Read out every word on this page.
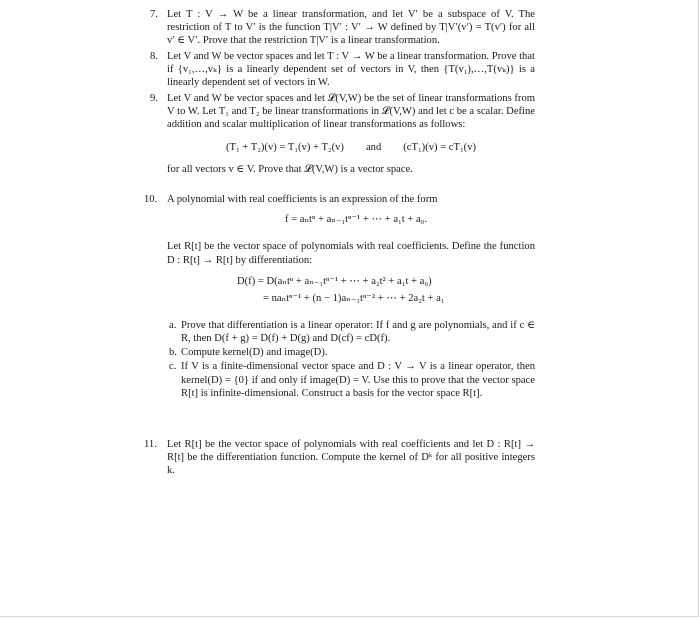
7. Let T : V → W be a linear transformation, and let V′ be a subspace of V. The restriction of T to V′ is the function T|V′ : V′ → W defined by T|V′(v′) = T(v′) for all v′ ∈ V′. Prove that the restriction T|V′ is a linear transformation.

8. Let V and W be vector spaces and let T : V → W be a linear transformation. Prove that if {v₁,…,vₖ} is a linearly dependent set of vectors in V, then {T(v₁),…,T(vₖ)} is a linearly dependent set of vectors in W.

9. Let V and W be vector spaces and let 𝓛(V,W) be the set of linear transformations from V to W. Let T₁ and T₂ be linear transformations in 𝓛(V,W) and let c be a scalar. Define addition and scalar multiplication of linear transformations as follows:

(T₁ + T₂)(v) = T₁(v) + T₂(v) and (cT₁)(v) = cT₁(v)

for all vectors v ∈ V. Prove that 𝓛(V,W) is a vector space.

10. A polynomial with real coefficients is an expression of the form

f = aₙtⁿ + aₙ₋₁tⁿ⁻¹ + ⋯ + a₁t + a₀.

Let R[t] be the vector space of polynomials with real coefficients. Define the function D : R[t] → R[t] by differentiation:

D(f) = D(aₙtⁿ + aₙ₋₁tⁿ⁻¹ + ⋯ + a₂t² + a₁t + a₀)
= naₙtⁿ⁻¹ + (n − 1)aₙ₋₁tⁿ⁻² + ⋯ + 2a₂t + a₁
a. Prove that differentiation is a linear operator: If f and g are polynomials, and if c ∈ R, then D(f + g) = D(f) + D(g) and D(cf) = cD(f).
b. Compute kernel(D) and image(D).
c. If V is a finite-dimensional vector space and D : V → V is a linear operator, then kernel(D) = {0} if and only if image(D) = V. Use this to prove that the vector space R[t] is infinite-dimensional. Construct a basis for the vector space R[t].
11. Let R[t] be the vector space of polynomials with real coefficients and let D : R[t] → R[t] be the differentiation function. Compute the kernel of Dᵏ for all positive integers k.
